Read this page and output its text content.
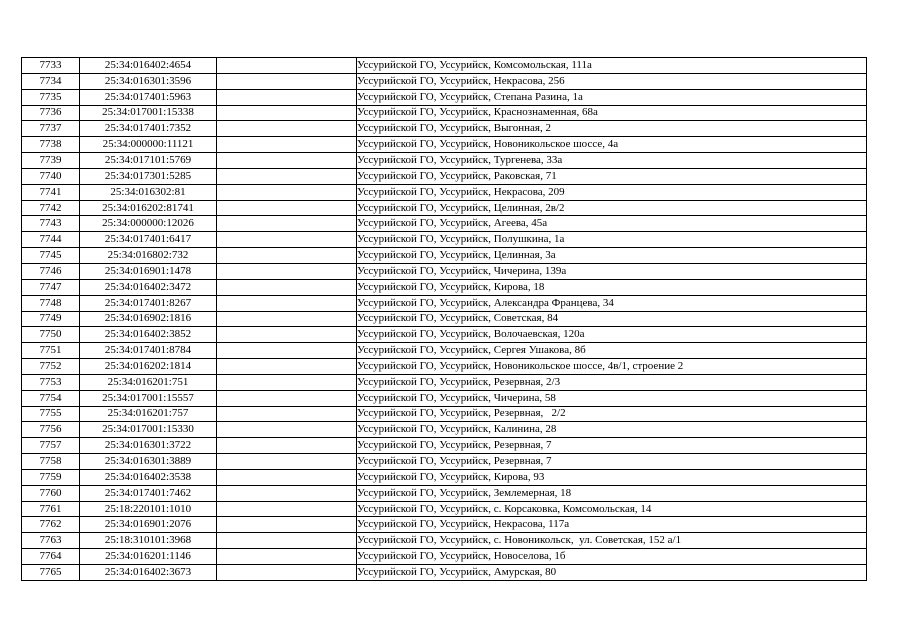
7733	25:34:016402:4654		Уссурийской ГО, Уссурийск, Комсомольская, 111а
7734	25:34:016301:3596		Уссурийской ГО, Уссурийск, Некрасова, 256
7735	25:34:017401:5963		Уссурийской ГО, Уссурийск, Степана Разина, 1а
7736	25:34:017001:15338		Уссурийской ГО, Уссурийск, Краснознаменная, 68а
7737	25:34:017401:7352		Уссурийской ГО, Уссурийск, Выгонная, 2
7738	25:34:000000:11121		Уссурийской ГО, Уссурийск, Новоникольское шоссе, 4а
7739	25:34:017101:5769		Уссурийской ГО, Уссурийск, Тургенева, 33а
7740	25:34:017301:5285		Уссурийской ГО, Уссурийск, Раковская, 71
7741	25:34:016302:81		Уссурийской ГО, Уссурийск, Некрасова, 209
7742	25:34:016202:81741		Уссурийской ГО, Уссурийск, Целинная, 2в/2
7743	25:34:000000:12026		Уссурийской ГО, Уссурийск, Агеева, 45а
7744	25:34:017401:6417		Уссурийской ГО, Уссурийск, Полушкина, 1а
7745	25:34:016802:732		Уссурийской ГО, Уссурийск, Целинная, 3а
7746	25:34:016901:1478		Уссурийской ГО, Уссурийск, Чичерина, 139а
7747	25:34:016402:3472		Уссурийской ГО, Уссурийск, Кирова, 18
7748	25:34:017401:8267		Уссурийской ГО, Уссурийск, Александра Францева, 34
7749	25:34:016902:1816		Уссурийской ГО, Уссурийск, Советская, 84
7750	25:34:016402:3852		Уссурийской ГО, Уссурийск, Волочаевская, 120а
7751	25:34:017401:8784		Уссурийской ГО, Уссурийск, Сергея Ушакова, 8б
7752	25:34:016202:1814		Уссурийской ГО, Уссурийск, Новоникольское шоссе, 4в/1, строение 2
7753	25:34:016201:751		Уссурийской ГО, Уссурийск, Резервная, 2/3
7754	25:34:017001:15557		Уссурийской ГО, Уссурийск, Чичерина, 58
7755	25:34:016201:757		Уссурийской ГО, Уссурийск, Резервная,   2/2
7756	25:34:017001:15330		Уссурийской ГО, Уссурийск, Калинина, 28
7757	25:34:016301:3722		Уссурийской ГО, Уссурийск, Резервная, 7
7758	25:34:016301:3889		Уссурийской ГО, Уссурийск, Резервная, 7
7759	25:34:016402:3538		Уссурийской ГО, Уссурийск, Кирова, 93
7760	25:34:017401:7462		Уссурийской ГО, Уссурийск, Землемерная, 18
7761	25:18:220101:1010		Уссурийской ГО, Уссурийск, с. Корсаковка, Комсомольская, 14
7762	25:34:016901:2076		Уссурийской ГО, Уссурийск, Некрасова, 117а
7763	25:18:310101:3968		Уссурийской ГО, Уссурийск, с. Новоникольск,  ул. Советская, 152 а/1
7764	25:34:016201:1146		Уссурийской ГО, Уссурийск, Новоселова, 1б
7765	25:34:016402:3673		Уссурийской ГО, Уссурийск, Амурская, 80
